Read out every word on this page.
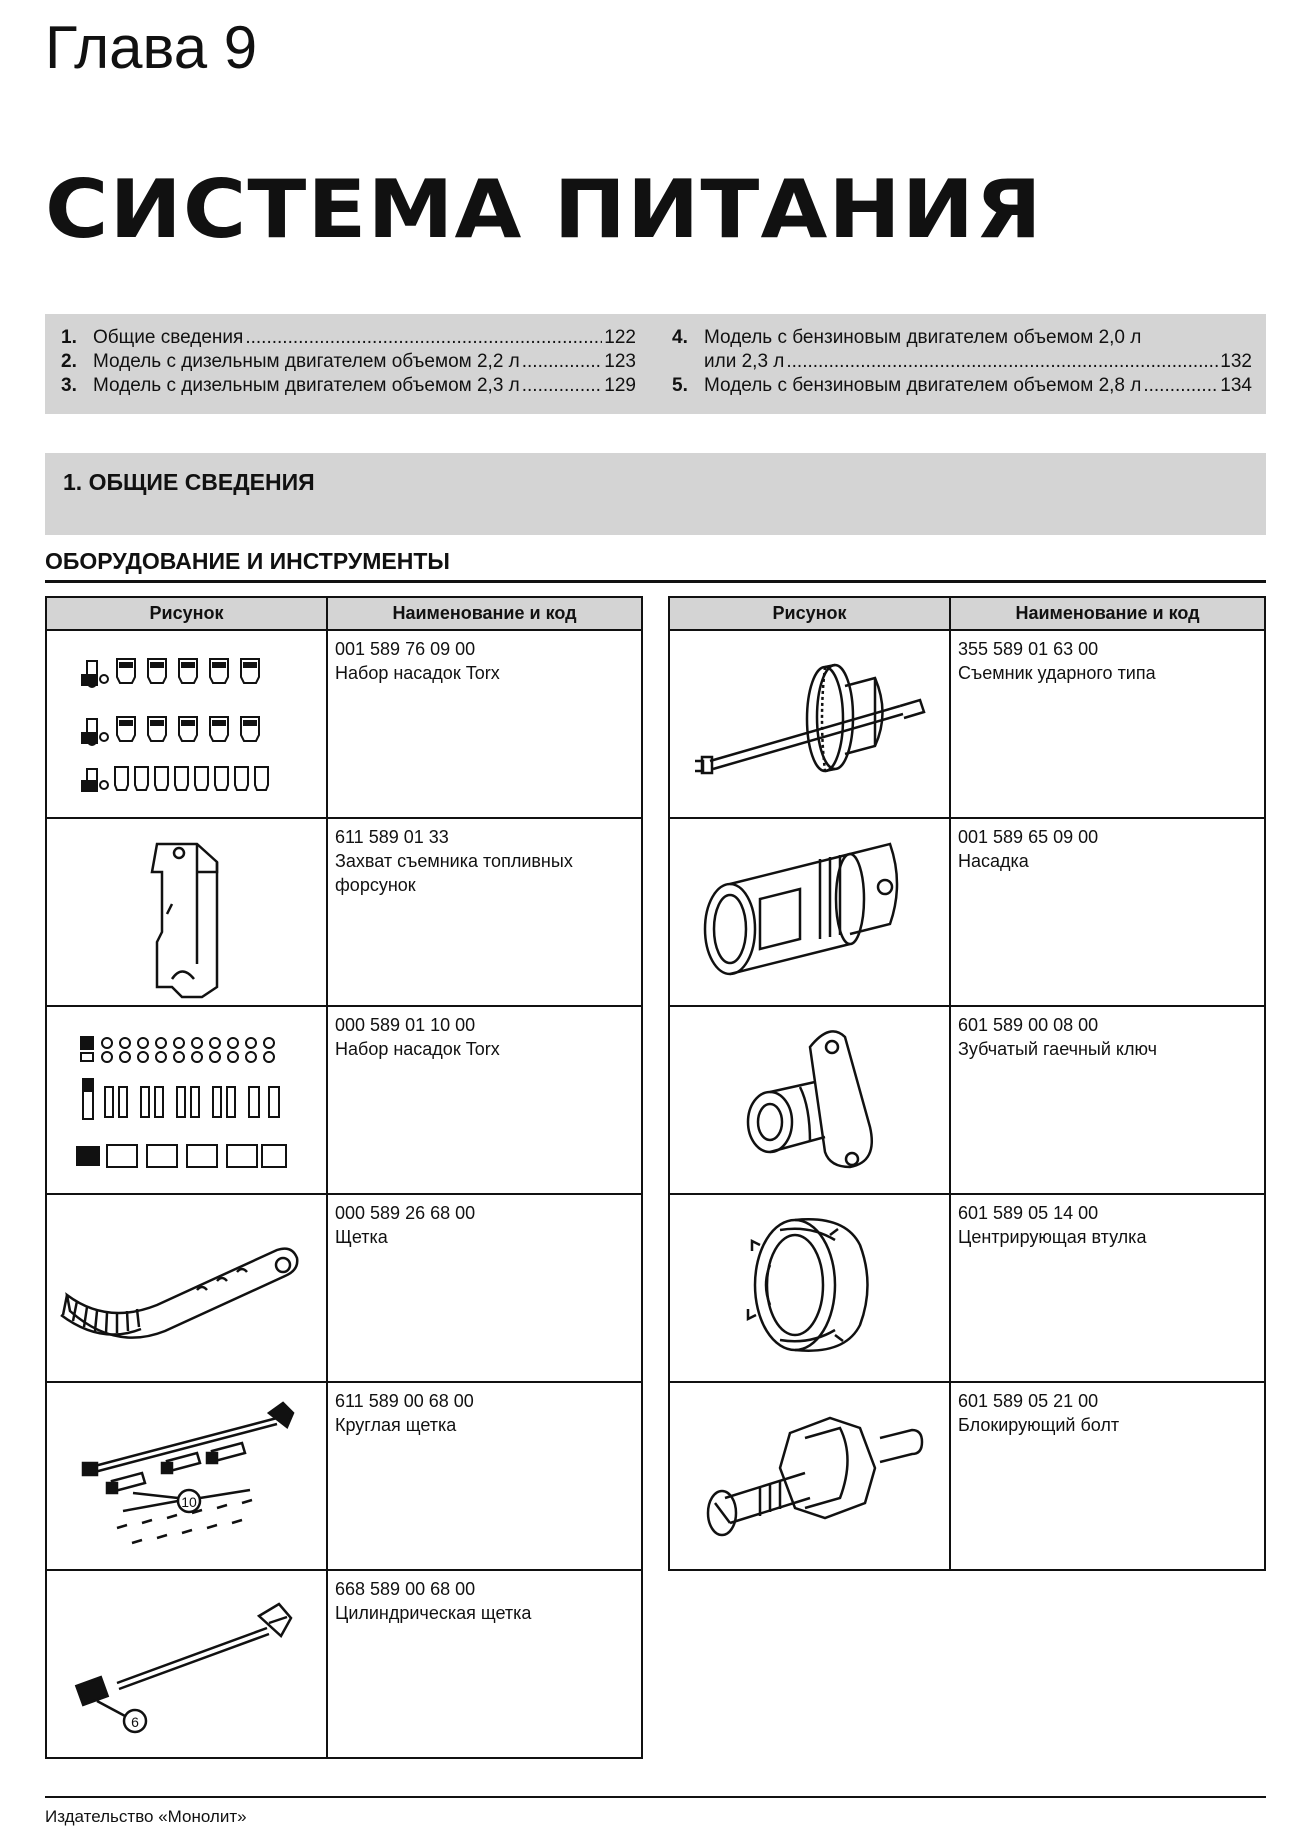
Глава 9
СИСТЕМА ПИТАНИЯ
1. Общие сведения .....	122
2. Модель с дизельным двигателем объемом 2,2 л .....	123
3. Модель с дизельным двигателем объемом 2,3 л .....	129
4. Модель с бензиновым двигателем объемом 2,0 л
или 2,3 л .....	132
5. Модель с бензиновым двигателем объемом 2,8 л .....	134
1. ОБЩИЕ СВЕДЕНИЯ
ОБОРУДОВАНИЕ И ИНСТРУМЕНТЫ
Рисунок	Наименование и код

001 589 76 09 00
Набор насадок Torx

611 589 01 33
Захват съемника топливных форсунок

000 589 01 10 00
Набор насадок Torx

000 589 26 68 00
Щетка

10	611 589 00 68 00
Круглая щетка

6	668 589 00 68 00
Цилиндрическая щетка
Рисунок	Наименование и код

355 589 01 63 00
Съемник ударного типа

001 589 65 09 00
Насадка

601 589 00 08 00
Зубчатый гаечный ключ

601 589 05 14 00
Центрирующая втулка

601 589 05 21 00
Блокирующий болт
Издательство «Монолит»
